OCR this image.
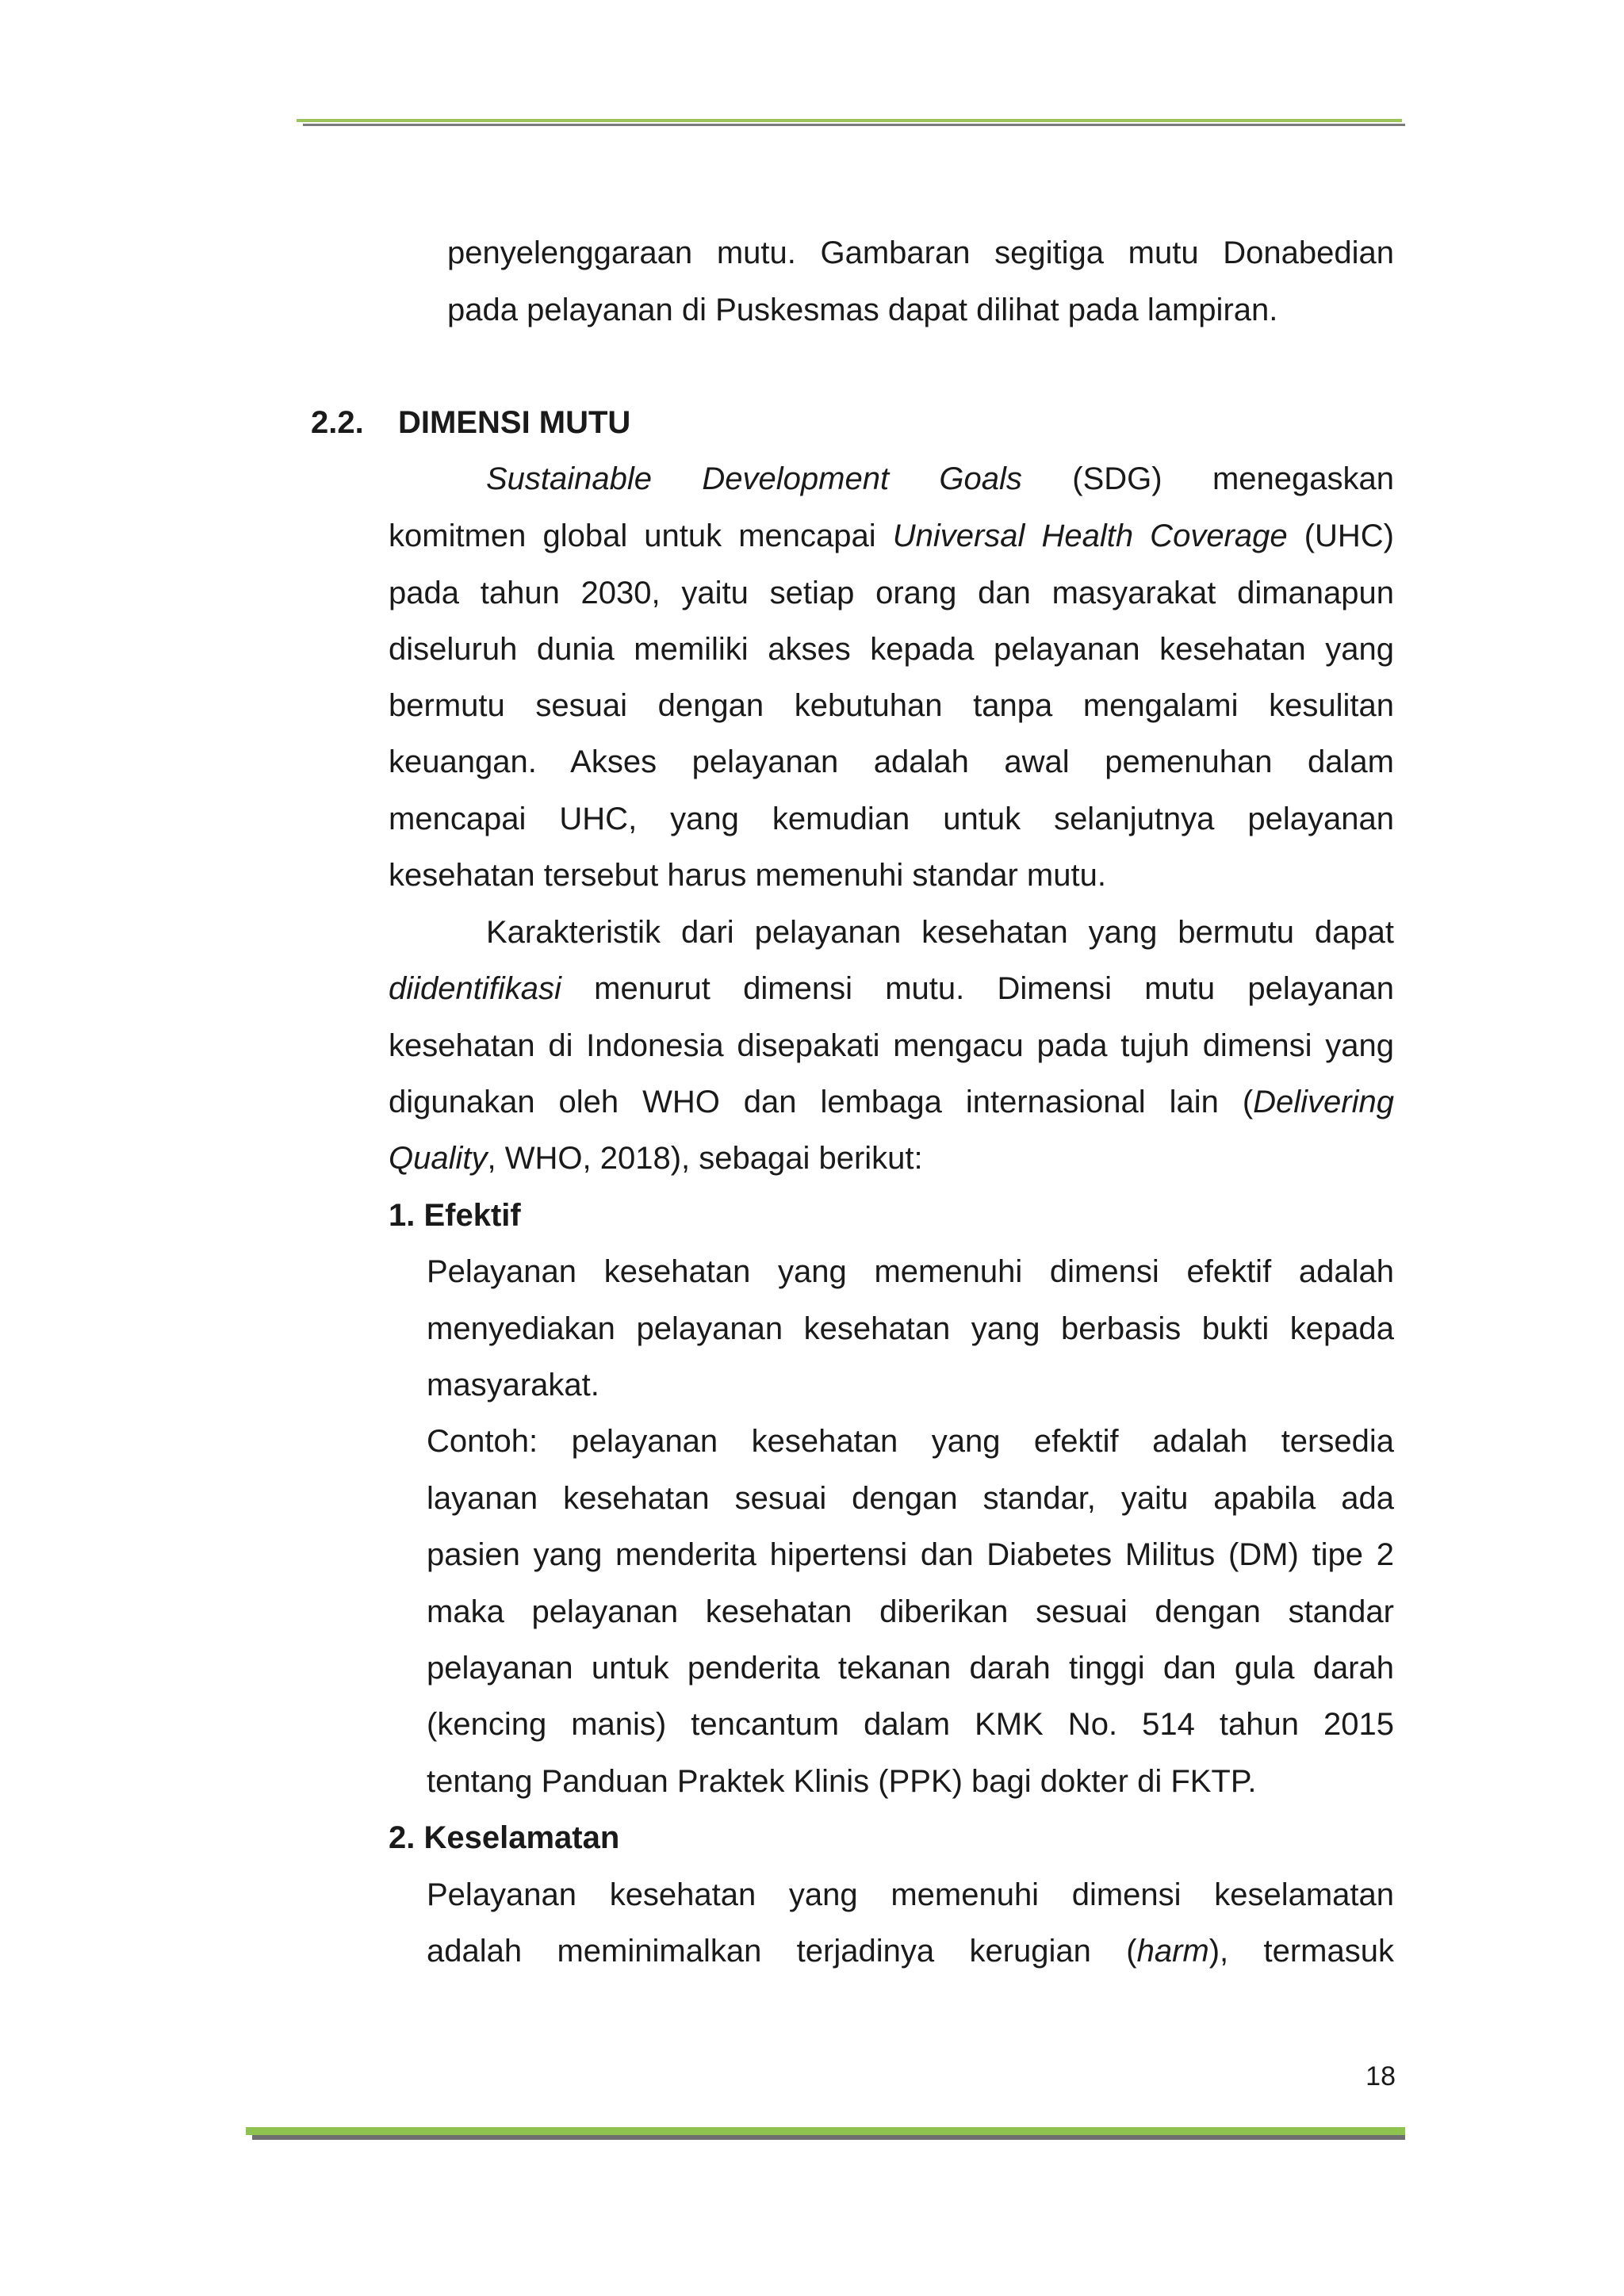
penyelenggaraan mutu. Gambaran segitiga mutu Donabedian
pada pelayanan di Puskesmas dapat dilihat pada lampiran.
2.2.	DIMENSI MUTU
Sustainable Development Goals (SDG) menegaskan
komitmen global untuk mencapai Universal Health Coverage (UHC)
pada tahun 2030, yaitu setiap orang dan masyarakat dimanapun
diseluruh dunia memiliki akses kepada pelayanan kesehatan yang
bermutu sesuai dengan kebutuhan tanpa mengalami kesulitan
keuangan. Akses pelayanan adalah awal pemenuhan dalam
mencapai UHC, yang kemudian untuk selanjutnya pelayanan
kesehatan tersebut harus memenuhi standar mutu.
Karakteristik dari pelayanan kesehatan yang bermutu dapat
diidentifikasi menurut dimensi mutu. Dimensi mutu pelayanan
kesehatan di Indonesia disepakati mengacu pada tujuh dimensi yang
digunakan oleh WHO dan lembaga internasional lain (Delivering
Quality, WHO, 2018), sebagai berikut:
1. Efektif
Pelayanan kesehatan yang memenuhi dimensi efektif adalah
menyediakan pelayanan kesehatan yang berbasis bukti kepada
masyarakat.
Contoh: pelayanan kesehatan yang efektif adalah tersedia
layanan kesehatan sesuai dengan standar, yaitu apabila ada
pasien yang menderita hipertensi dan Diabetes Militus (DM) tipe 2
maka pelayanan kesehatan diberikan sesuai dengan standar
pelayanan untuk penderita tekanan darah tinggi dan gula darah
(kencing manis) tencantum dalam KMK No. 514 tahun 2015
tentang Panduan Praktek Klinis (PPK) bagi dokter di FKTP.
2. Keselamatan
Pelayanan kesehatan yang memenuhi dimensi keselamatan
adalah meminimalkan terjadinya kerugian (harm), termasuk
18
